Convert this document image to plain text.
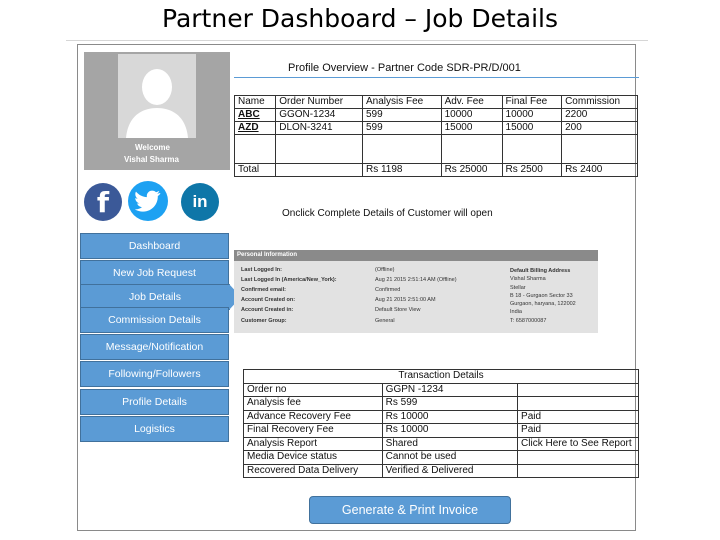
Partner Dashboard – Job Details
Welcome
Vishal Sharma
f	in
Dashboard
New Job Request
Job Details
Commission Details
Message/Notification
Following/Followers
Profile Details
Logistics
Profile Overview - Partner Code SDR-PR/D/001
Name	Order Number	Analysis Fee	Adv. Fee	Final Fee	Commission
ABC	GGON-1234	599	10000	10000	2200
AZD	DLON-3241	599	15000	15000	200

Total		Rs 1198	Rs 25000	Rs 2500	Rs 2400
Onclick Complete Details of Customer will open
Personal Information
Last Logged In:	(Offline)
Last Logged In (America/New_York):	Aug 21 2015 2:51:14 AM (Offline)
Confirmed email:	Confirmed
Account Created on:	Aug 21 2015 2:51:00 AM
Account Created in:	Default Store View
Customer Group:	General
Default Billing Address
Vishal Sharma
Stellar
B 18 - Gurgaon Sector 33
Gurgaon, haryana, 122002
India
T: 6587000087
Transaction Details		
Order no	GGPN -1234	
Analysis fee	Rs 599	
Advance Recovery Fee	Rs 10000	Paid
Final Recovery Fee	Rs 10000	Paid
Analysis Report	Shared	Click Here to See Report
Media Device status	Cannot be used	
Recovered Data Delivery	Verified & Delivered	
Generate & Print Invoice
